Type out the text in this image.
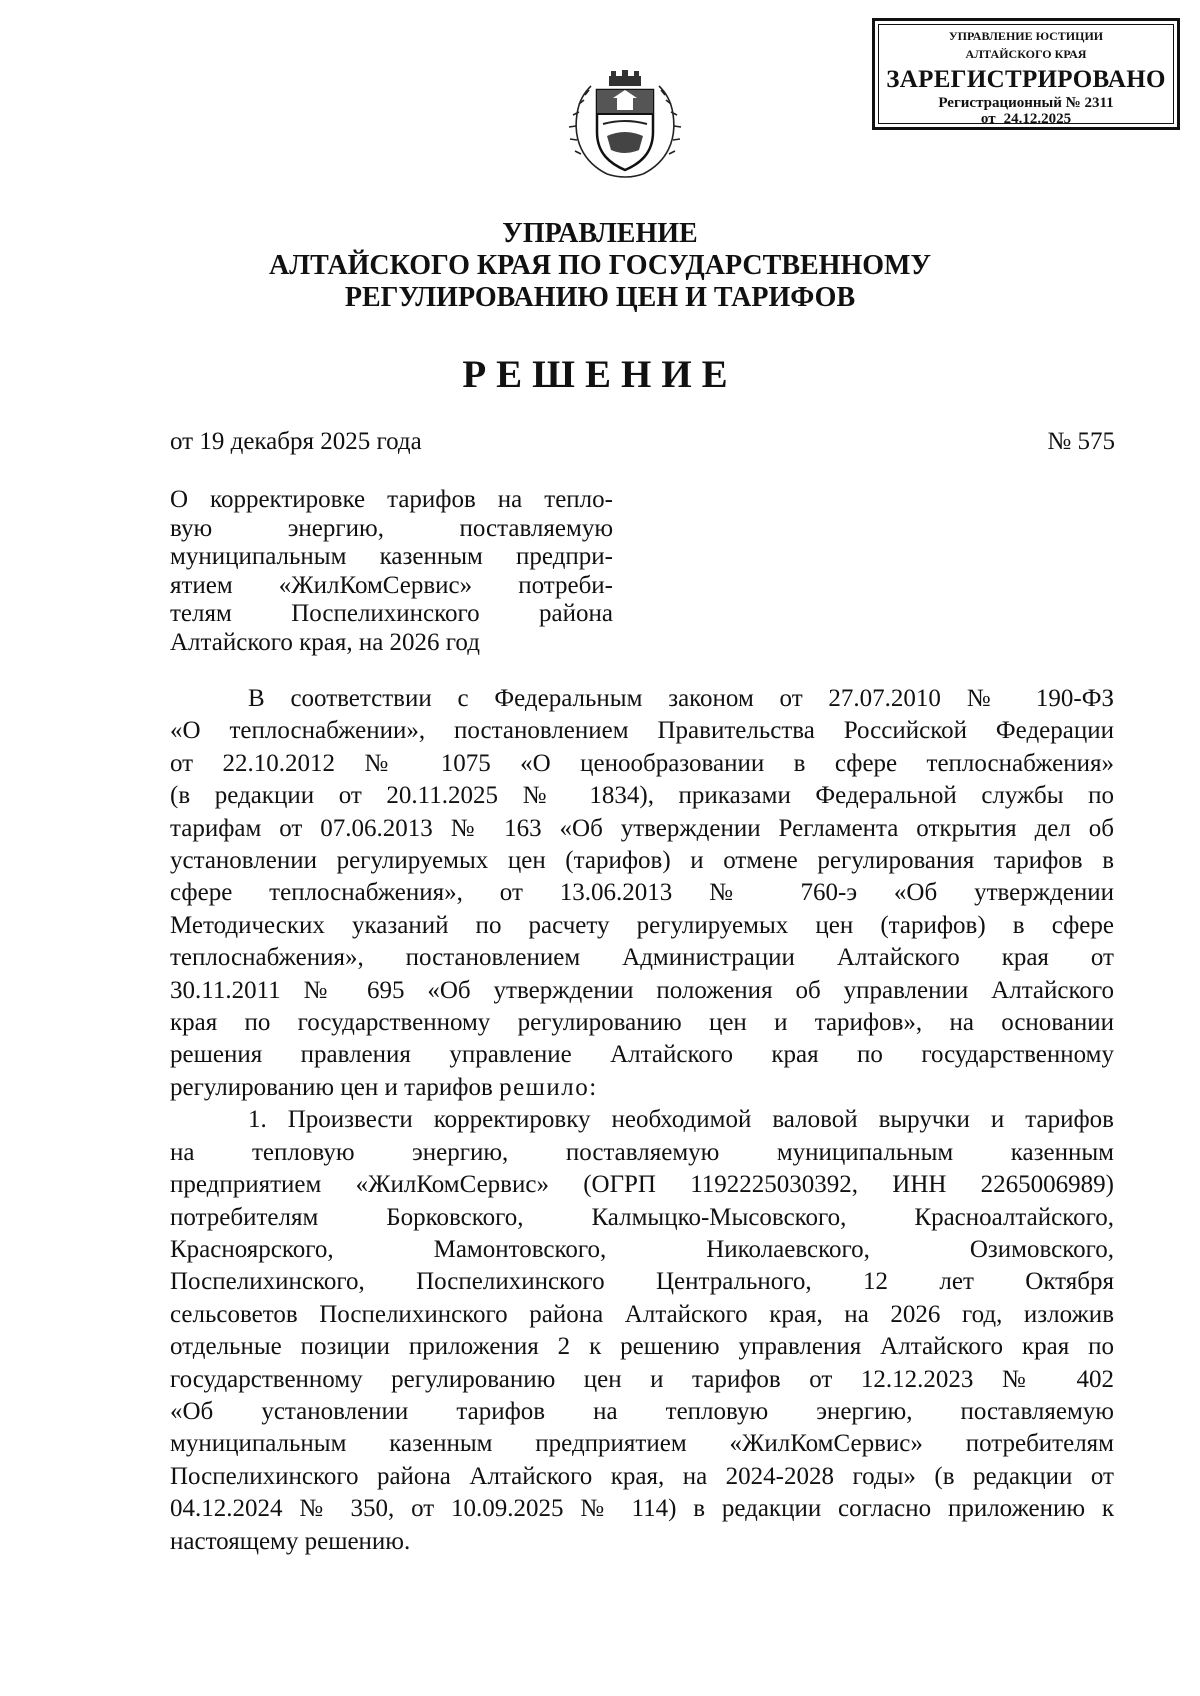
УПРАВЛЕНИЕ ЮСТИЦИИ
АЛТАЙСКОГО КРАЯ
ЗАРЕГИСТРИРОВАНО
Регистрационный № 2311
от 24.12.2025
УПРАВЛЕНИЕ
АЛТАЙСКОГО КРАЯ ПО ГОСУДАРСТВЕННОМУ
РЕГУЛИРОВАНИЮ ЦЕН И ТАРИФОВ
РЕШЕНИЕ
от 19 декабря 2025 года	№ 575
О корректировке тарифов на тепло-
вую энергию, поставляемую
муниципальным казенным предпри-
ятием «ЖилКомСервис» потреби-
телям Поспелихинского района
Алтайского края, на 2026 год
В соответствии с Федеральным законом от 27.07.2010 № 190-ФЗ
«О теплоснабжении», постановлением Правительства Российской Федерации
от 22.10.2012 № 1075 «О ценообразовании в сфере теплоснабжения»
(в редакции от 20.11.2025 № 1834), приказами Федеральной службы по
тарифам от 07.06.2013 № 163 «Об утверждении Регламента открытия дел об
установлении регулируемых цен (тарифов) и отмене регулирования тарифов в
сфере теплоснабжения», от 13.06.2013 № 760-э «Об утверждении
Методических указаний по расчету регулируемых цен (тарифов) в сфере
теплоснабжения», постановлением Администрации Алтайского края от
30.11.2011 № 695 «Об утверждении положения об управлении Алтайского
края по государственному регулированию цен и тарифов», на основании
решения правления управление Алтайского края по государственному
регулированию цен и тарифов решило:
1. Произвести корректировку необходимой валовой выручки и тарифов
на тепловую энергию, поставляемую муниципальным казенным
предприятием «ЖилКомСервис» (ОГРП 1192225030392, ИНН 2265006989)
потребителям Борковского, Калмыцко-Мысовского, Красноалтайского,
Красноярского, Мамонтовского, Николаевского, Озимовского,
Поспелихинского, Поспелихинского Центрального, 12 лет Октября
сельсоветов Поспелихинского района Алтайского края, на 2026 год, изложив
отдельные позиции приложения 2 к решению управления Алтайского края по
государственному регулированию цен и тарифов от 12.12.2023 № 402
«Об установлении тарифов на тепловую энергию, поставляемую
муниципальным казенным предприятием «ЖилКомСервис» потребителям
Поспелихинского района Алтайского края, на 2024-2028 годы» (в редакции от
04.12.2024 № 350, от 10.09.2025 № 114) в редакции согласно приложению к
настоящему решению.
